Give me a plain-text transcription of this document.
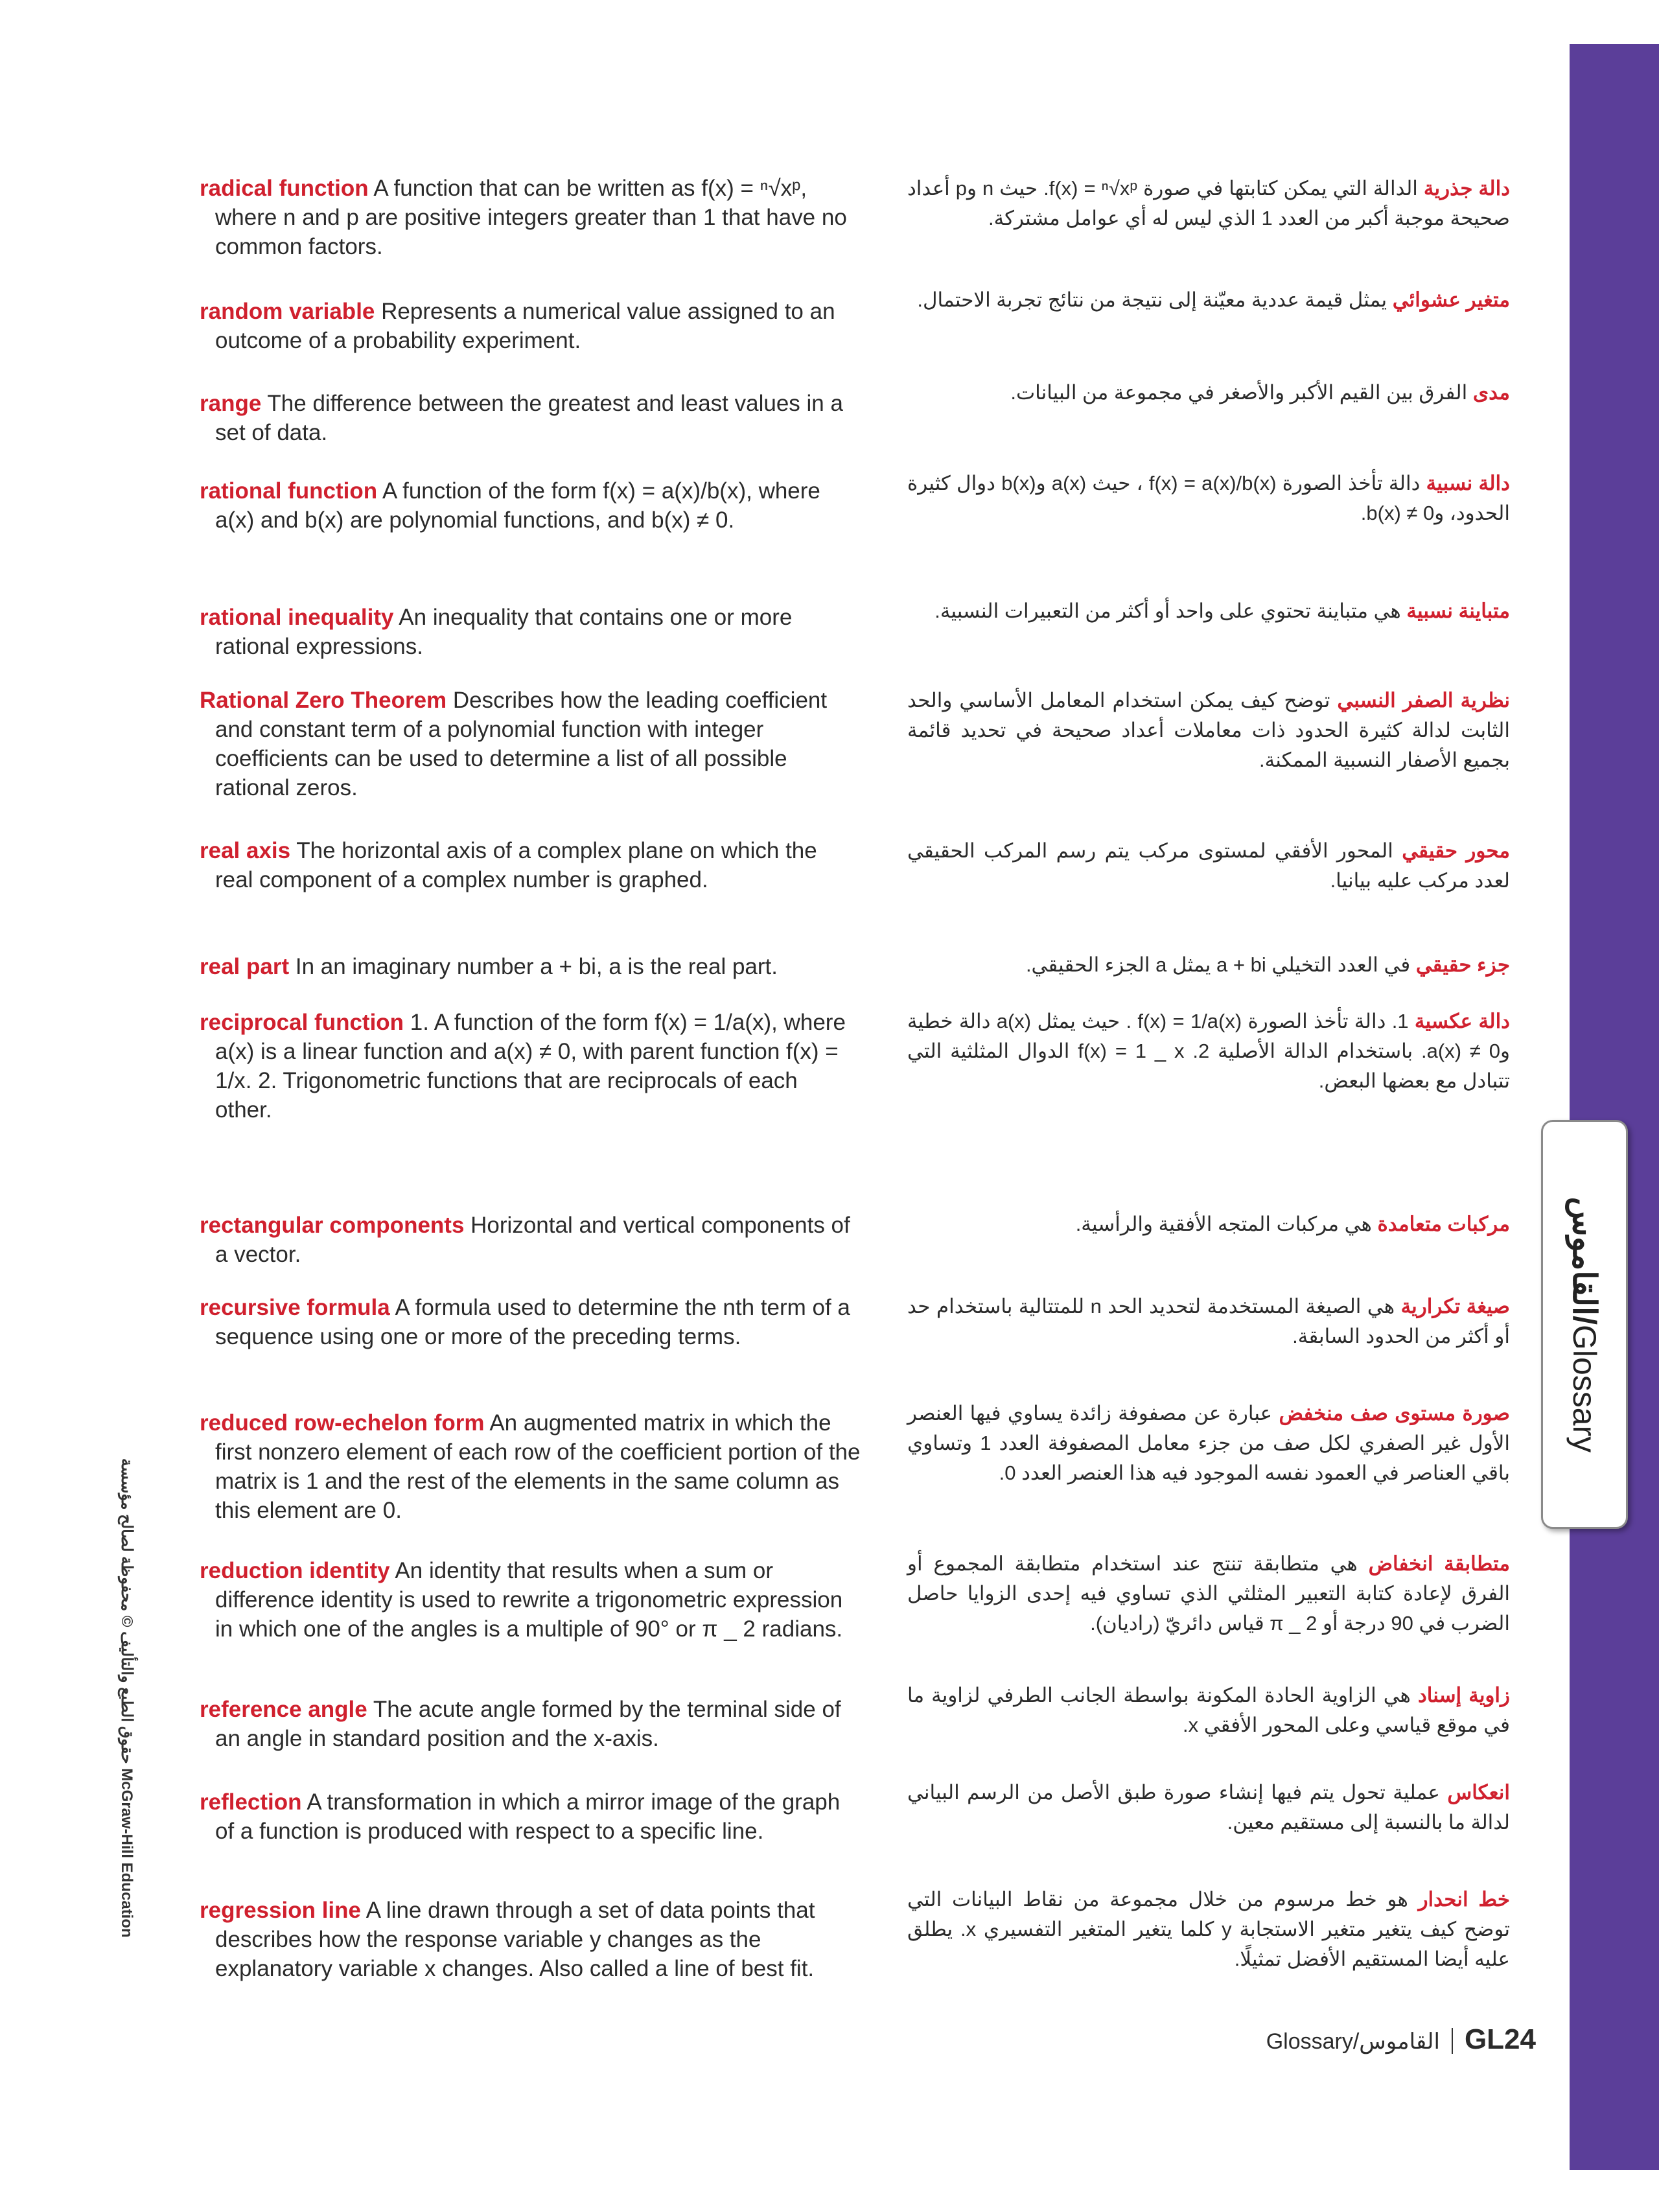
القاموس/Glossary
حقوق الطبع والتأليف © محفوظة لصالح مؤسسة McGraw-Hill Education
radical function A function that can be written as f(x) = ⁿ√xᵖ, where n and p are positive integers greater than 1 that have no common factors.
random variable Represents a numerical value assigned to an outcome of a probability experiment.
range The difference between the greatest and least values in a set of data.
rational function A function of the form f(x) = a(x)/b(x), where a(x) and b(x) are polynomial functions, and b(x) ≠ 0.
rational inequality An inequality that contains one or more rational expressions.
Rational Zero Theorem Describes how the leading coefficient and constant term of a polynomial function with integer coefficients can be used to determine a list of all possible rational zeros.
real axis The horizontal axis of a complex plane on which the real component of a complex number is graphed.
real part In an imaginary number a + bi, a is the real part.
reciprocal function 1. A function of the form f(x) = 1/a(x), where a(x) is a linear function and a(x) ≠ 0, with parent function f(x) = 1/x. 2. Trigonometric functions that are reciprocals of each other.
rectangular components Horizontal and vertical components of a vector.
recursive formula A formula used to determine the nth term of a sequence using one or more of the preceding terms.
reduced row-echelon form An augmented matrix in which the first nonzero element of each row of the coefficient portion of the matrix is 1 and the rest of the elements in the same column as this element are 0.
reduction identity An identity that results when a sum or difference identity is used to rewrite a trigonometric expression in which one of the angles is a multiple of 90° or π _ 2 radians.
reference angle The acute angle formed by the terminal side of an angle in standard position and the x-axis.
reflection A transformation in which a mirror image of the graph of a function is produced with respect to a specific line.
regression line A line drawn through a set of data points that describes how the response variable y changes as the explanatory variable x changes. Also called a line of best fit.
دالة جذرية الدالة التي يمكن كتابتها في صورة f(x) = ⁿ√xᵖ. حيث n وp أعداد صحيحة موجبة أكبر من العدد 1 الذي ليس له أي عوامل مشتركة.
متغير عشوائي يمثل قيمة عددية معيّنة إلى نتيجة من نتائج تجربة الاحتمال.
مدى الفرق بين القيم الأكبر والأصغر في مجموعة من البيانات.
دالة نسبية دالة تأخذ الصورة f(x) = a(x)/b(x) ، حيث a(x) وb(x) دوال كثيرة الحدود، وb(x) ≠ 0.
متباينة نسبية هي متباينة تحتوي على واحد أو أكثر من التعبيرات النسبية.
نظرية الصفر النسبي توضح كيف يمكن استخدام المعامل الأساسي والحد الثابت لدالة كثيرة الحدود ذات معاملات أعداد صحيحة في تحديد قائمة بجميع الأصفار النسبية الممكنة.
محور حقيقي المحور الأفقي لمستوى مركب يتم رسم المركب الحقيقي لعدد مركب عليه بيانيا.
جزء حقيقي في العدد التخيلي a + bi يمثل a الجزء الحقيقي.
دالة عكسية 1. دالة تأخذ الصورة f(x) = 1/a(x) . حيث يمثل a(x) دالة خطية وa(x) ≠ 0. باستخدام الدالة الأصلية f(x) = 1 _ x .2 الدوال المثلثية التي تتبادل مع بعضها البعض.
مركبات متعامدة هي مركبات المتجه الأفقية والرأسية.
صيغة تكرارية هي الصيغة المستخدمة لتحديد الحد n للمتتالية باستخدام حد أو أكثر من الحدود السابقة.
صورة مستوى صف منخفض عبارة عن مصفوفة زائدة يساوي فيها العنصر الأول غير الصفري لكل صف من جزء معامل المصفوفة العدد 1 وتساوي باقي العناصر في العمود نفسه الموجود فيه هذا العنصر العدد 0.
متطابقة انخفاض هي متطابقة تنتج عند استخدام متطابقة المجموع أو الفرق لإعادة كتابة التعبير المثلثي الذي تساوي فيه إحدى الزوايا حاصل الضرب في 90 درجة أو π _ 2 قياس دائريّ (راديان).
زاوية إسناد هي الزاوية الحادة المكونة بواسطة الجانب الطرفي لزاوية ما في موقع قياسي وعلى المحور الأفقي x.
انعكاس عملية تحول يتم فيها إنشاء صورة طبق الأصل من الرسم البياني لدالة ما بالنسبة إلى مستقيم معين.
خط انحدار هو خط مرسوم من خلال مجموعة من نقاط البيانات التي توضح كيف يتغير متغير الاستجابة y كلما يتغير المتغير التفسيري x. يطلق عليه أيضا المستقيم الأفضل تمثيلًا.
Glossary/القاموس GL24
